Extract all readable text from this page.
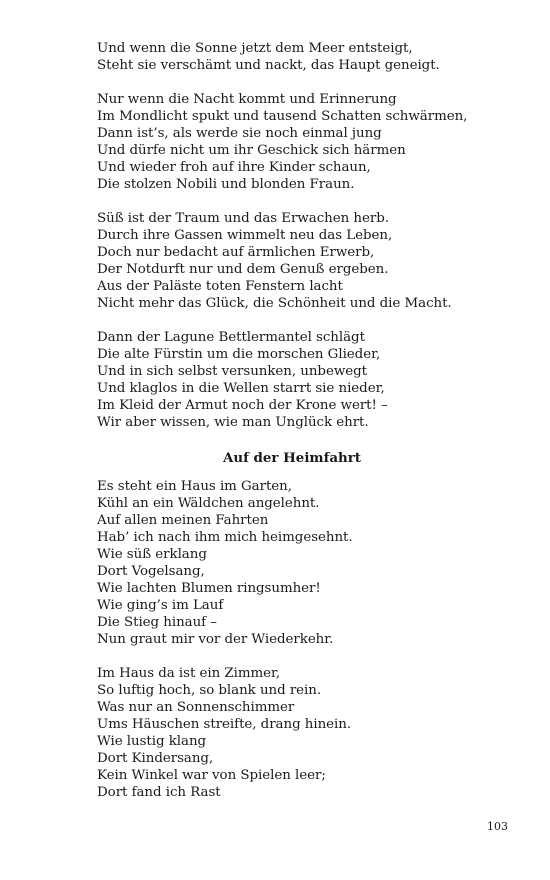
Und wenn die Sonne jetzt dem Meer entsteigt,
Steht sie verschämt und nackt, das Haupt geneigt.
Nur wenn die Nacht kommt und Erinnerung
Im Mondlicht spukt und tausend Schatten schwärmen,
Dann ist’s, als werde sie noch einmal jung
Und dürfe nicht um ihr Geschick sich härmen
Und wieder froh auf ihre Kinder schaun,
Die stolzen Nobili und blonden Fraun.
Süß ist der Traum und das Erwachen herb.
Durch ihre Gassen wimmelt neu das Leben,
Doch nur bedacht auf ärmlichen Erwerb,
Der Notdurft nur und dem Genuß ergeben.
Aus der Paläste toten Fenstern lacht
Nicht mehr das Glück, die Schönheit und die Macht.
Dann der Lagune Bettlermantel schlägt
Die alte Fürstin um die morschen Glieder,
Und in sich selbst versunken, unbewegt
Und klaglos in die Wellen starrt sie nieder,
Im Kleid der Armut noch der Krone wert! –
Wir aber wissen, wie man Unglück ehrt.
Auf der Heimfahrt
Es steht ein Haus im Garten,
Kühl an ein Wäldchen angelehnt.
Auf allen meinen Fahrten
Hab’ ich nach ihm mich heimgesehnt.
Wie süß erklang
Dort Vogelsang,
Wie lachten Blumen ringsumher!
Wie ging’s im Lauf
Die Stieg hinauf –
Nun graut mir vor der Wiederkehr.
Im Haus da ist ein Zimmer,
So luftig hoch, so blank und rein.
Was nur an Sonnenschimmer
Ums Häuschen streifte, drang hinein.
Wie lustig klang
Dort Kindersang,
Kein Winkel war von Spielen leer;
Dort fand ich Rast
103
